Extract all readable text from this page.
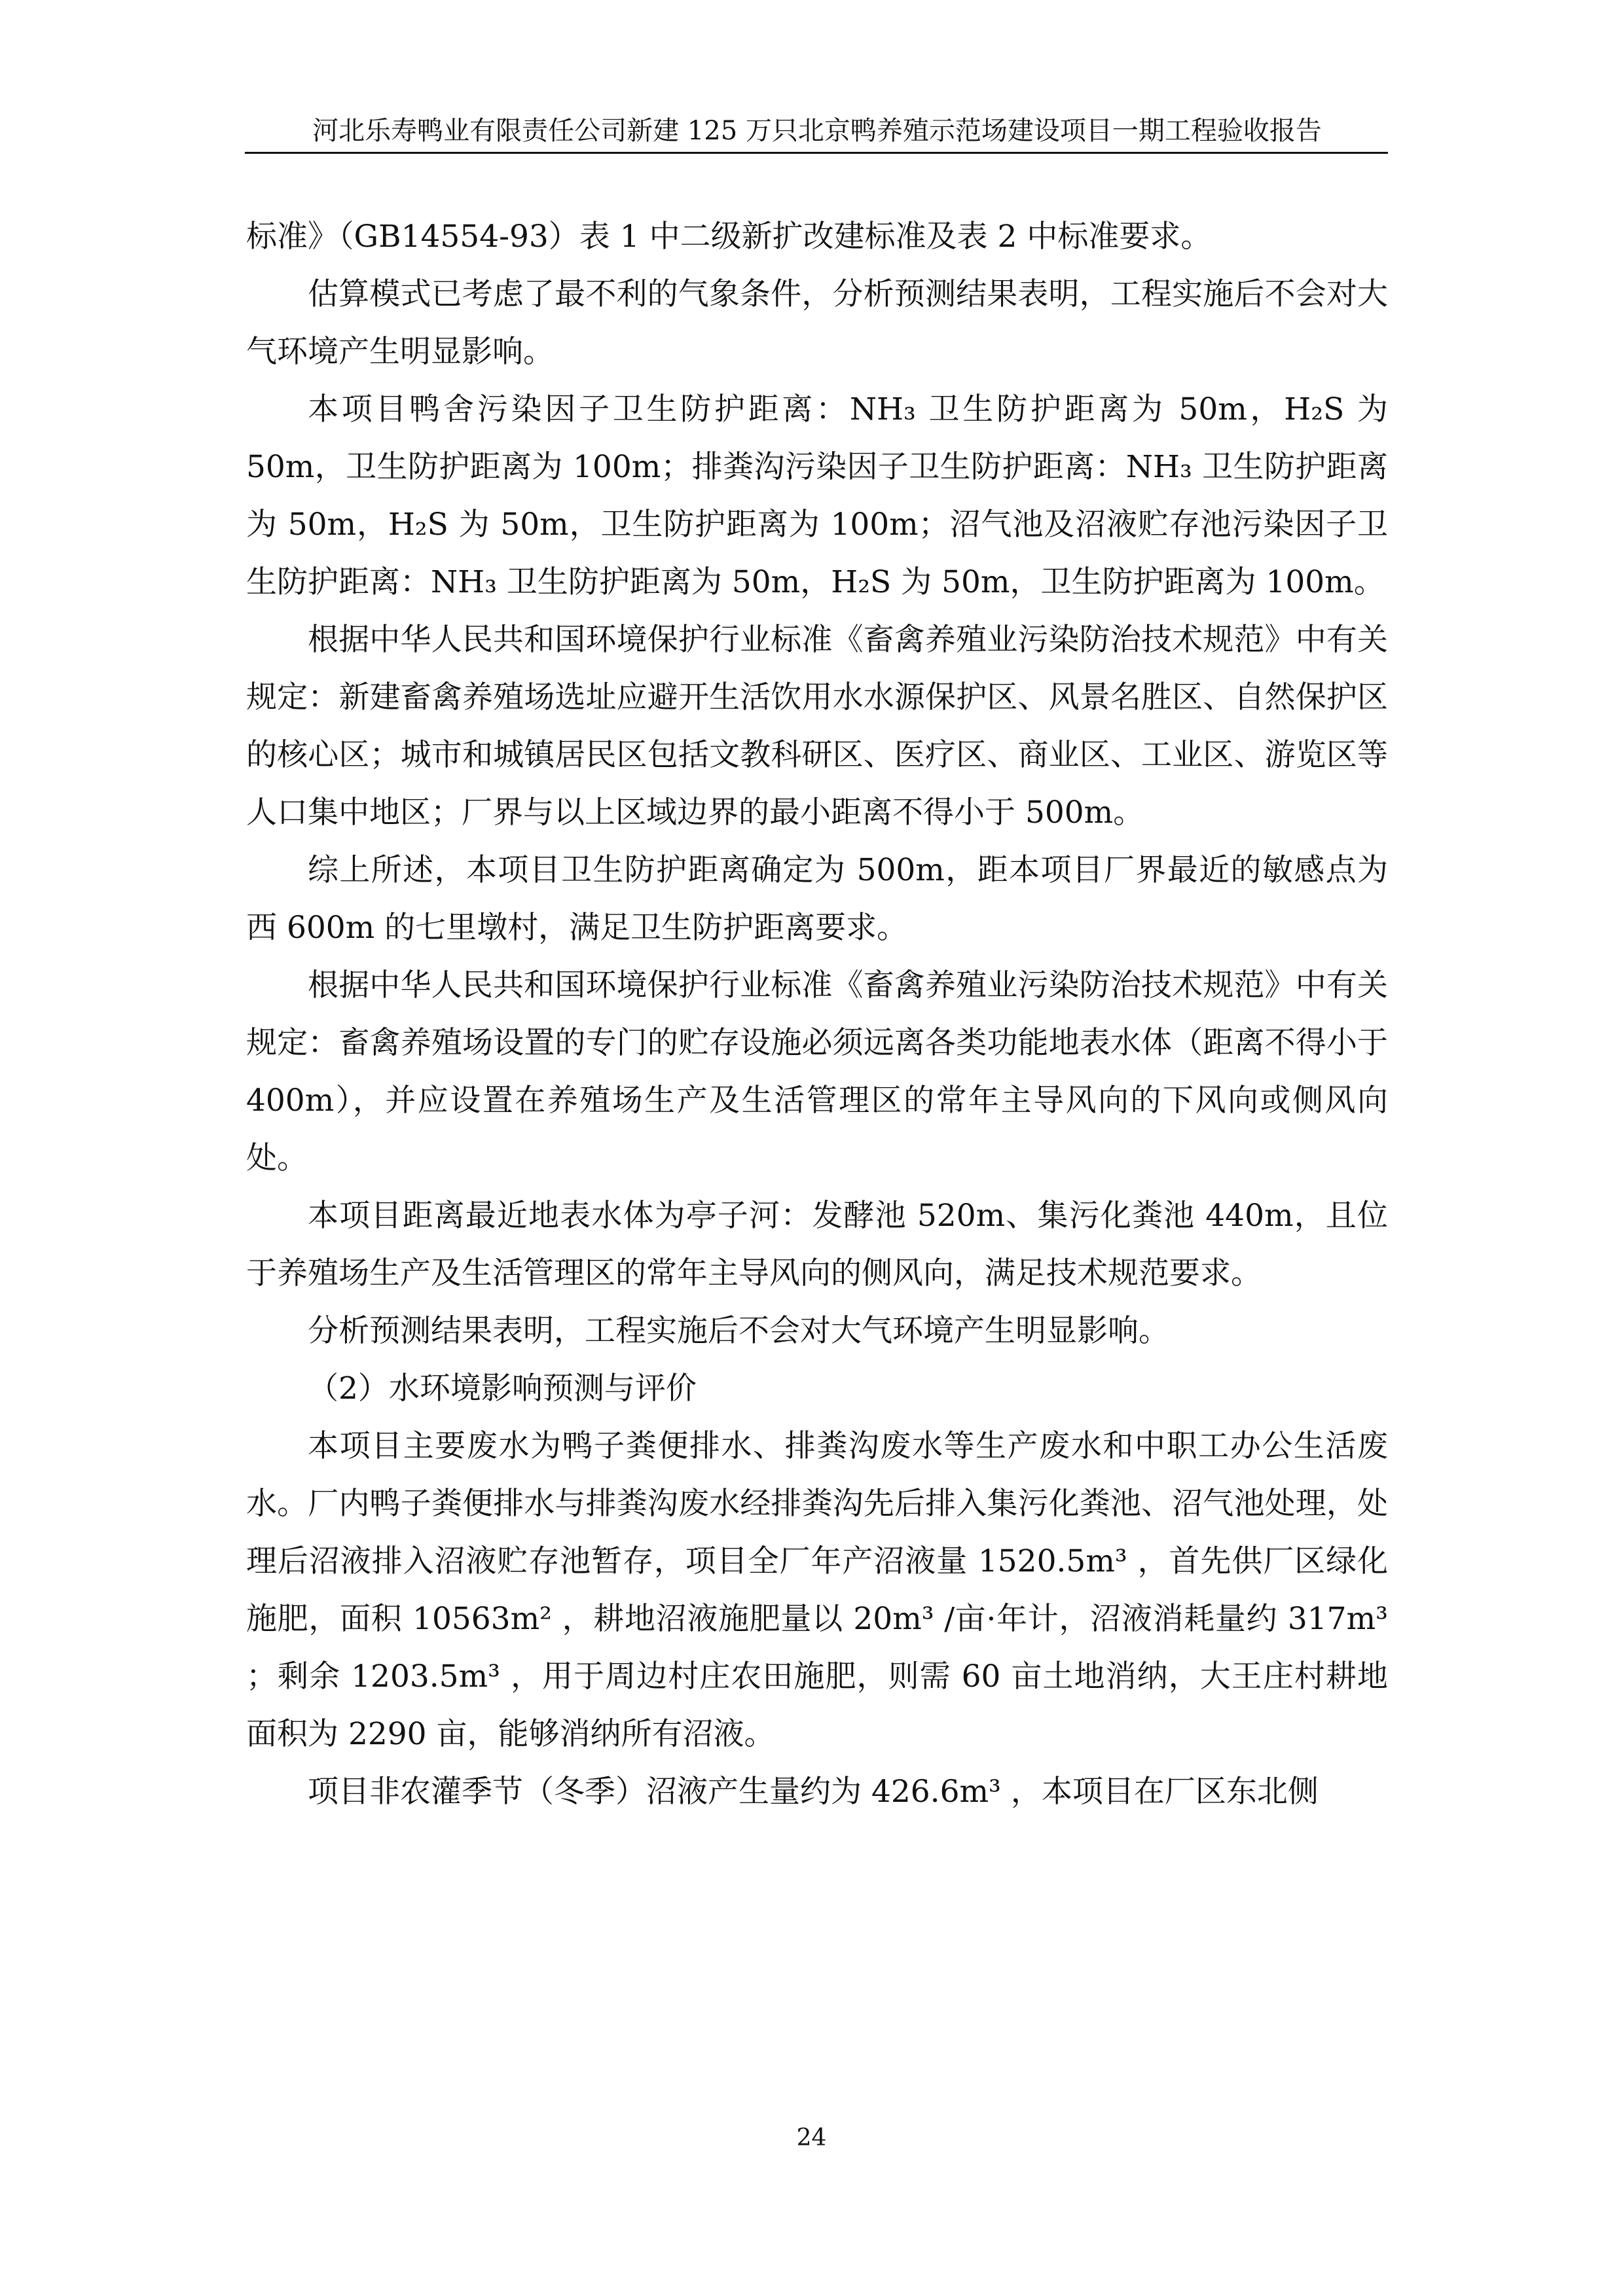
河北乐寿鸭业有限责任公司新建 125 万只北京鸭养殖示范场建设项目一期工程验收报告

标准》（GB14554-93）表 1 中二级新扩改建标准及表 2 中标准要求。

估算模式已考虑了最不利的气象条件，分析预测结果表明，工程实施后不会对大气环境产生明显影响。

本项目鸭舍污染因子卫生防护距离：NH₃ 卫生防护距离为 50m，H₂S 为 50m，卫生防护距离为 100m；排粪沟污染因子卫生防护距离：NH₃ 卫生防护距离为 50m，H₂S 为 50m，卫生防护距离为 100m；沼气池及沼液贮存池污染因子卫生防护距离：NH₃ 卫生防护距离为 50m，H₂S 为 50m，卫生防护距离为 100m。

根据中华人民共和国环境保护行业标准《畜禽养殖业污染防治技术规范》中有关规定：新建畜禽养殖场选址应避开生活饮用水水源保护区、风景名胜区、自然保护区的核心区；城市和城镇居民区包括文教科研区、医疗区、商业区、工业区、游览区等人口集中地区；厂界与以上区域边界的最小距离不得小于 500m。

综上所述，本项目卫生防护距离确定为 500m，距本项目厂界最近的敏感点为西 600m 的七里墩村，满足卫生防护距离要求。

根据中华人民共和国环境保护行业标准《畜禽养殖业污染防治技术规范》中有关规定：畜禽养殖场设置的专门的贮存设施必须远离各类功能地表水体（距离不得小于 400m），并应设置在养殖场生产及生活管理区的常年主导风向的下风向或侧风向处。

本项目距离最近地表水体为亭子河：发酵池 520m、集污化粪池 440m，且位于养殖场生产及生活管理区的常年主导风向的侧风向，满足技术规范要求。

分析预测结果表明，工程实施后不会对大气环境产生明显影响。

（2）水环境影响预测与评价

本项目主要废水为鸭子粪便排水、排粪沟废水等生产废水和中职工办公生活废水。厂内鸭子粪便排水与排粪沟废水经排粪沟先后排入集污化粪池、沼气池处理，处理后沼液排入沼液贮存池暂存，项目全厂年产沼液量 1520.5m³ ，首先供厂区绿化施肥，面积 10563m² ，耕地沼液施肥量以 20m³ /亩·年计，沼液消耗量约 317m³ ；剩余 1203.5m³ ，用于周边村庄农田施肥，则需 60 亩土地消纳，大王庄村耕地面积为 2290 亩，能够消纳所有沼液。

项目非农灌季节（冬季）沼液产生量约为 426.6m³ ，本项目在厂区东北侧

24
